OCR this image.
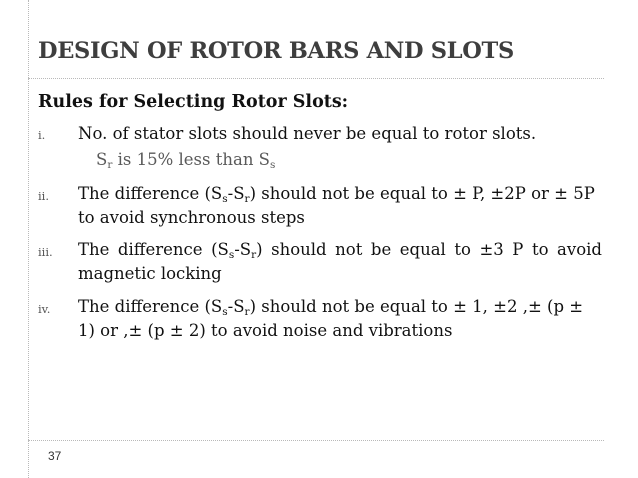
DESIGN OF ROTOR BARS AND SLOTS
Rules for Selecting Rotor Slots:
i. No. of stator slots should never be equal to rotor slots.
$S_r$ is 15% less than $S_s$
ii. The difference $(S_s-S_r)$ should not be equal to ± P, ±2P or ± 5P to avoid synchronous steps
iii. The difference $(S_s-S_r)$ should not be equal to ±3 P to avoid magnetic locking
iv. The difference $(S_s-S_r)$ should not be equal to ± 1, ±2 ,± (p ± 1) or ,± (p ± 2) to avoid noise and vibrations
37
